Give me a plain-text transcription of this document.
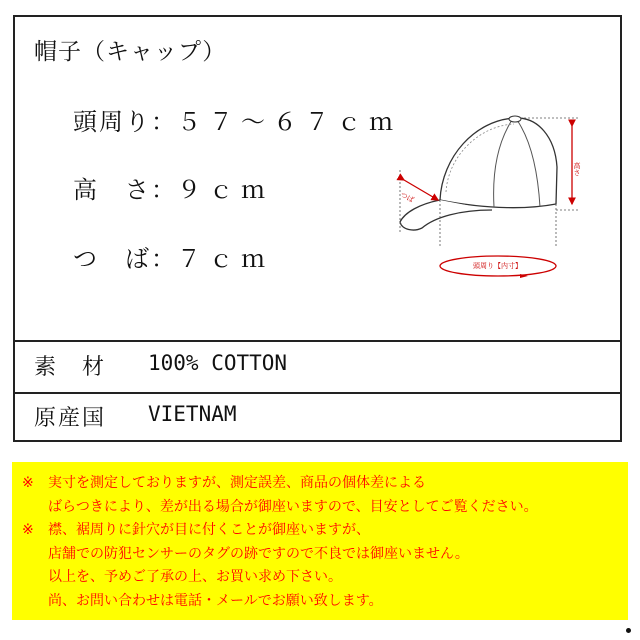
帽子（キャップ）
頭周り：５７～６７ｃｍ
高　さ：９ｃｍ
つ　ば：７ｃｍ
高さ
つば
頭周り【内寸】
素　材 100% COTTON
原産国 VIETNAM

※ 実寸を測定しておりますが、測定誤差、商品の個体差による

ばらつきにより、差が出る場合が御座いますので、目安としてご覧ください。

※ 襟、裾周りに針穴が目に付くことが御座いますが、

店舗での防犯センサーのタグの跡ですので不良では御座いません。

以上を、予めご了承の上、お買い求め下さい。

尚、お問い合わせは電話・メールでお願い致します。
